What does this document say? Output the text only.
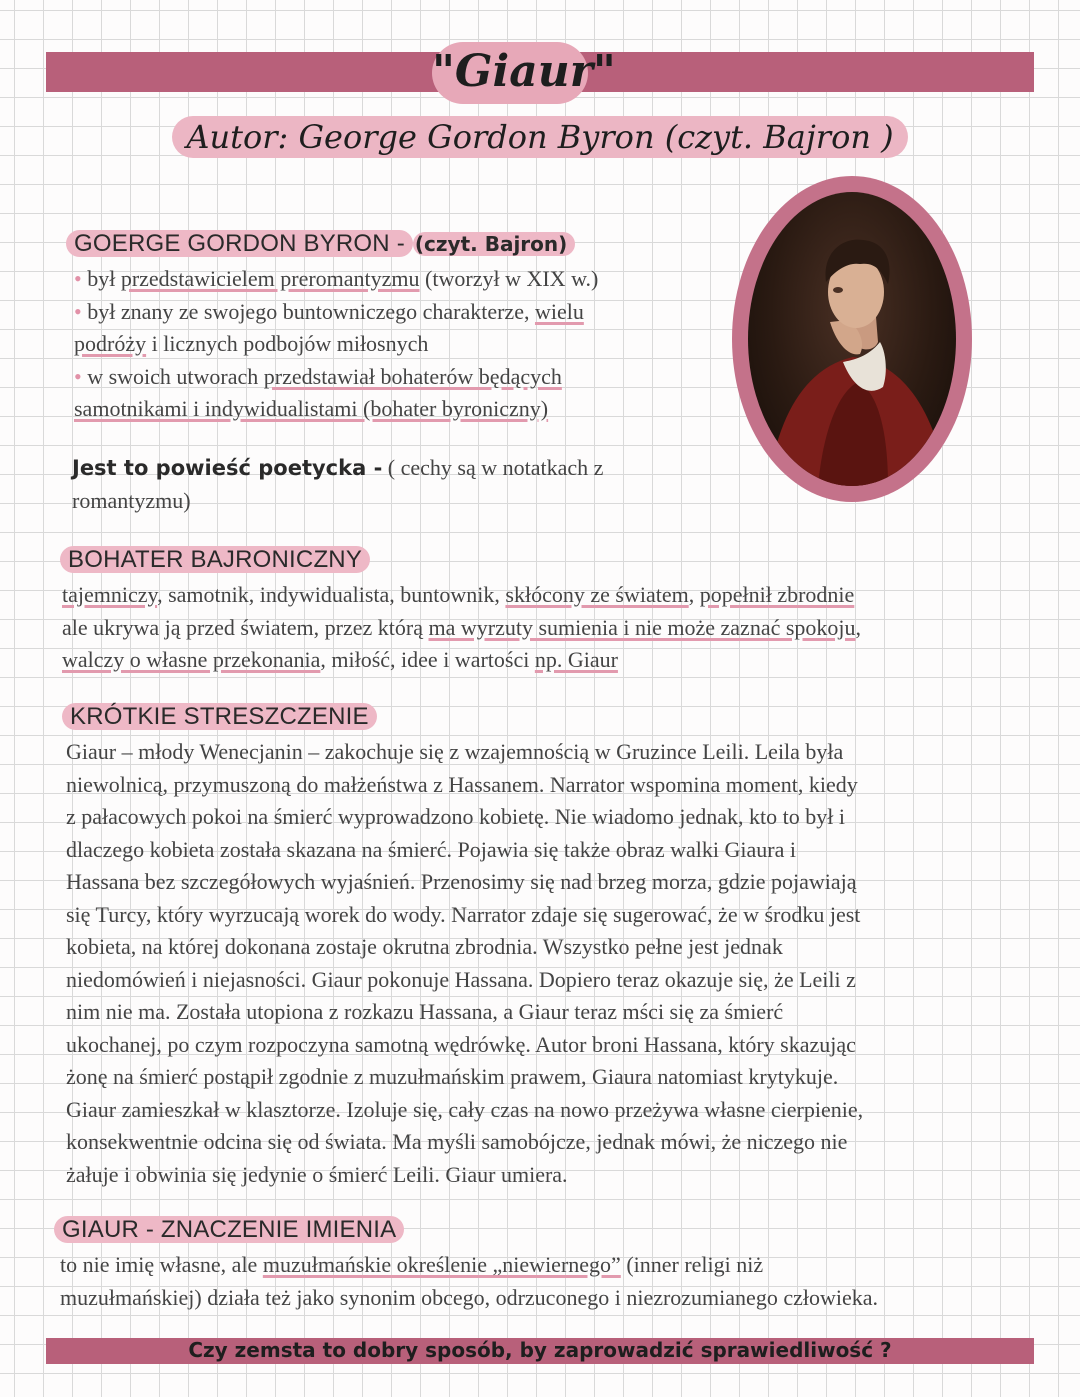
"Giaur"
Autor: George Gordon Byron (czyt. Bajron )
GOERGE GORDON BYRON - (czyt. Bajron)
• był przedstawicielem preromantyzmu (tworzył w XIX w.)
• był znany ze swojego buntowniczego charakterze, wielu
podróży i licznych podbojów miłosnych
• w swoich utworach przedstawiał bohaterów będących
samotnikami i indywidualistami (bohater byroniczny)
Jest to powieść poetycka - ( cechy są w notatkach z
romantyzmu)
BOHATER BAJRONICZNY
tajemniczy, samotnik, indywidualista, buntownik, skłócony ze światem, popełnił zbrodnie
ale ukrywa ją przed światem, przez którą ma wyrzuty sumienia i nie może zaznać spokoju,
walczy o własne przekonania, miłość, idee i wartości np. Giaur
KRÓTKIE STRESZCZENIE
Giaur – młody Wenecjanin – zakochuje się z wzajemnością w Gruzince Leili. Leila była
niewolnicą, przymuszoną do małżeństwa z Hassanem. Narrator wspomina moment, kiedy
z pałacowych pokoi na śmierć wyprowadzono kobietę. Nie wiadomo jednak, kto to był i
dlaczego kobieta została skazana na śmierć. Pojawia się także obraz walki Giaura i
Hassana bez szczegółowych wyjaśnień. Przenosimy się nad brzeg morza, gdzie pojawiają
się Turcy, który wyrzucają worek do wody. Narrator zdaje się sugerować, że w środku jest
kobieta, na której dokonana zostaje okrutna zbrodnia. Wszystko pełne jest jednak
niedomówień i niejasności. Giaur pokonuje Hassana. Dopiero teraz okazuje się, że Leili z
nim nie ma. Została utopiona z rozkazu Hassana, a Giaur teraz mści się za śmierć
ukochanej, po czym rozpoczyna samotną wędrówkę. Autor broni Hassana, który skazując
żonę na śmierć postąpił zgodnie z muzułmańskim prawem, Giaura natomiast krytykuje.
Giaur zamieszkał w klasztorze. Izoluje się, cały czas na nowo przeżywa własne cierpienie,
konsekwentnie odcina się od świata. Ma myśli samobójcze, jednak mówi, że niczego nie
żałuje i obwinia się jedynie o śmierć Leili. Giaur umiera.
GIAUR - ZNACZENIE IMIENIA
to nie imię własne, ale muzułmańskie określenie „niewiernego” (inner religi niż
muzułmańskiej) działa też jako synonim obcego, odrzuconego i niezrozumianego człowieka.
Czy zemsta to dobry sposób, by zaprowadzić sprawiedliwość ?
